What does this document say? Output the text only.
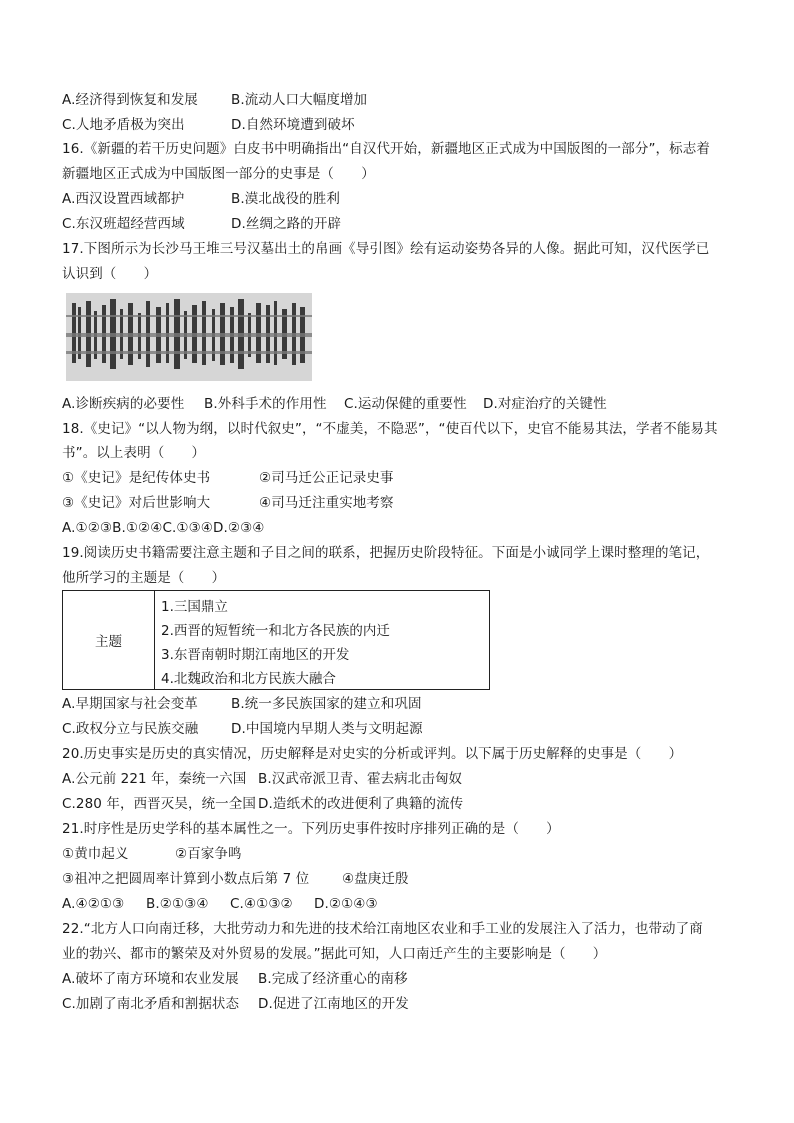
A.经济得到恢复和发展 B.流动人口大幅度增加
C.人地矛盾极为突出	D.自然环境遭到破坏
16.《新疆的若干历史问题》白皮书中明确指出“自汉代开始，新疆地区正式成为中国版图的一部分”，标志着
新疆地区正式成为中国版图一部分的史事是（　　）
A.西汉设置西域都护	B.漠北战役的胜利
C.东汉班超经营西域	D.丝绸之路的开辟
17.下图所示为长沙马王堆三号汉墓出土的帛画《导引图》绘有运动姿势各异的人像。据此可知，汉代医学已
认识到（　　）
A.诊断疾病的必要性 B.外科手术的作用性 C.运动保健的重要性 D.对症治疗的关键性
18.《史记》“以人物为纲，以时代叙史”，“不虚美，不隐恶”，“使百代以下，史官不能易其法，学者不能易其
书”。以上表明（　　）
①《史记》是纪传体史书	②司马迁公正记录史事
③《史记》对后世影响大	④司马迁注重实地考察
A.①②③B.①②④C.①③④D.②③④
19.阅读历史书籍需要注意主题和子目之间的联系，把握历史阶段特征。下面是小诚同学上课时整理的笔记，
他所学习的主题是（　　）
主题
1.三国鼎立
2.西晋的短暂统一和北方各民族的内迁
3.东晋南朝时期江南地区的开发
4.北魏政治和北方民族大融合
A.早期国家与社会变革 B.统一多民族国家的建立和巩固
C.政权分立与民族交融 D.中国境内早期人类与文明起源
20.历史事实是历史的真实情况，历史解释是对史实的分析或评判。以下属于历史解释的史事是（　　）
A.公元前 221 年，秦统一六国 B.汉武帝派卫青、霍去病北击匈奴
C.280 年，西晋灭吴，统一全国 D.造纸术的改进便利了典籍的流传
21.时序性是历史学科的基本属性之一。下列历史事件按时序排列正确的是（　　）
①黄巾起义	②百家争鸣
③祖冲之把圆周率计算到小数点后第 7 位 ④盘庚迁殷
A.④②①③ B.②①③④ C.④①③② D.②①④③
22.“北方人口向南迁移，大批劳动力和先进的技术给江南地区农业和手工业的发展注入了活力，也带动了商
业的勃兴、都市的繁荣及对外贸易的发展。”据此可知，人口南迁产生的主要影响是（　　）
A.破坏了南方环境和农业发展 B.完成了经济重心的南移
C.加剧了南北矛盾和割据状态 D.促进了江南地区的开发
